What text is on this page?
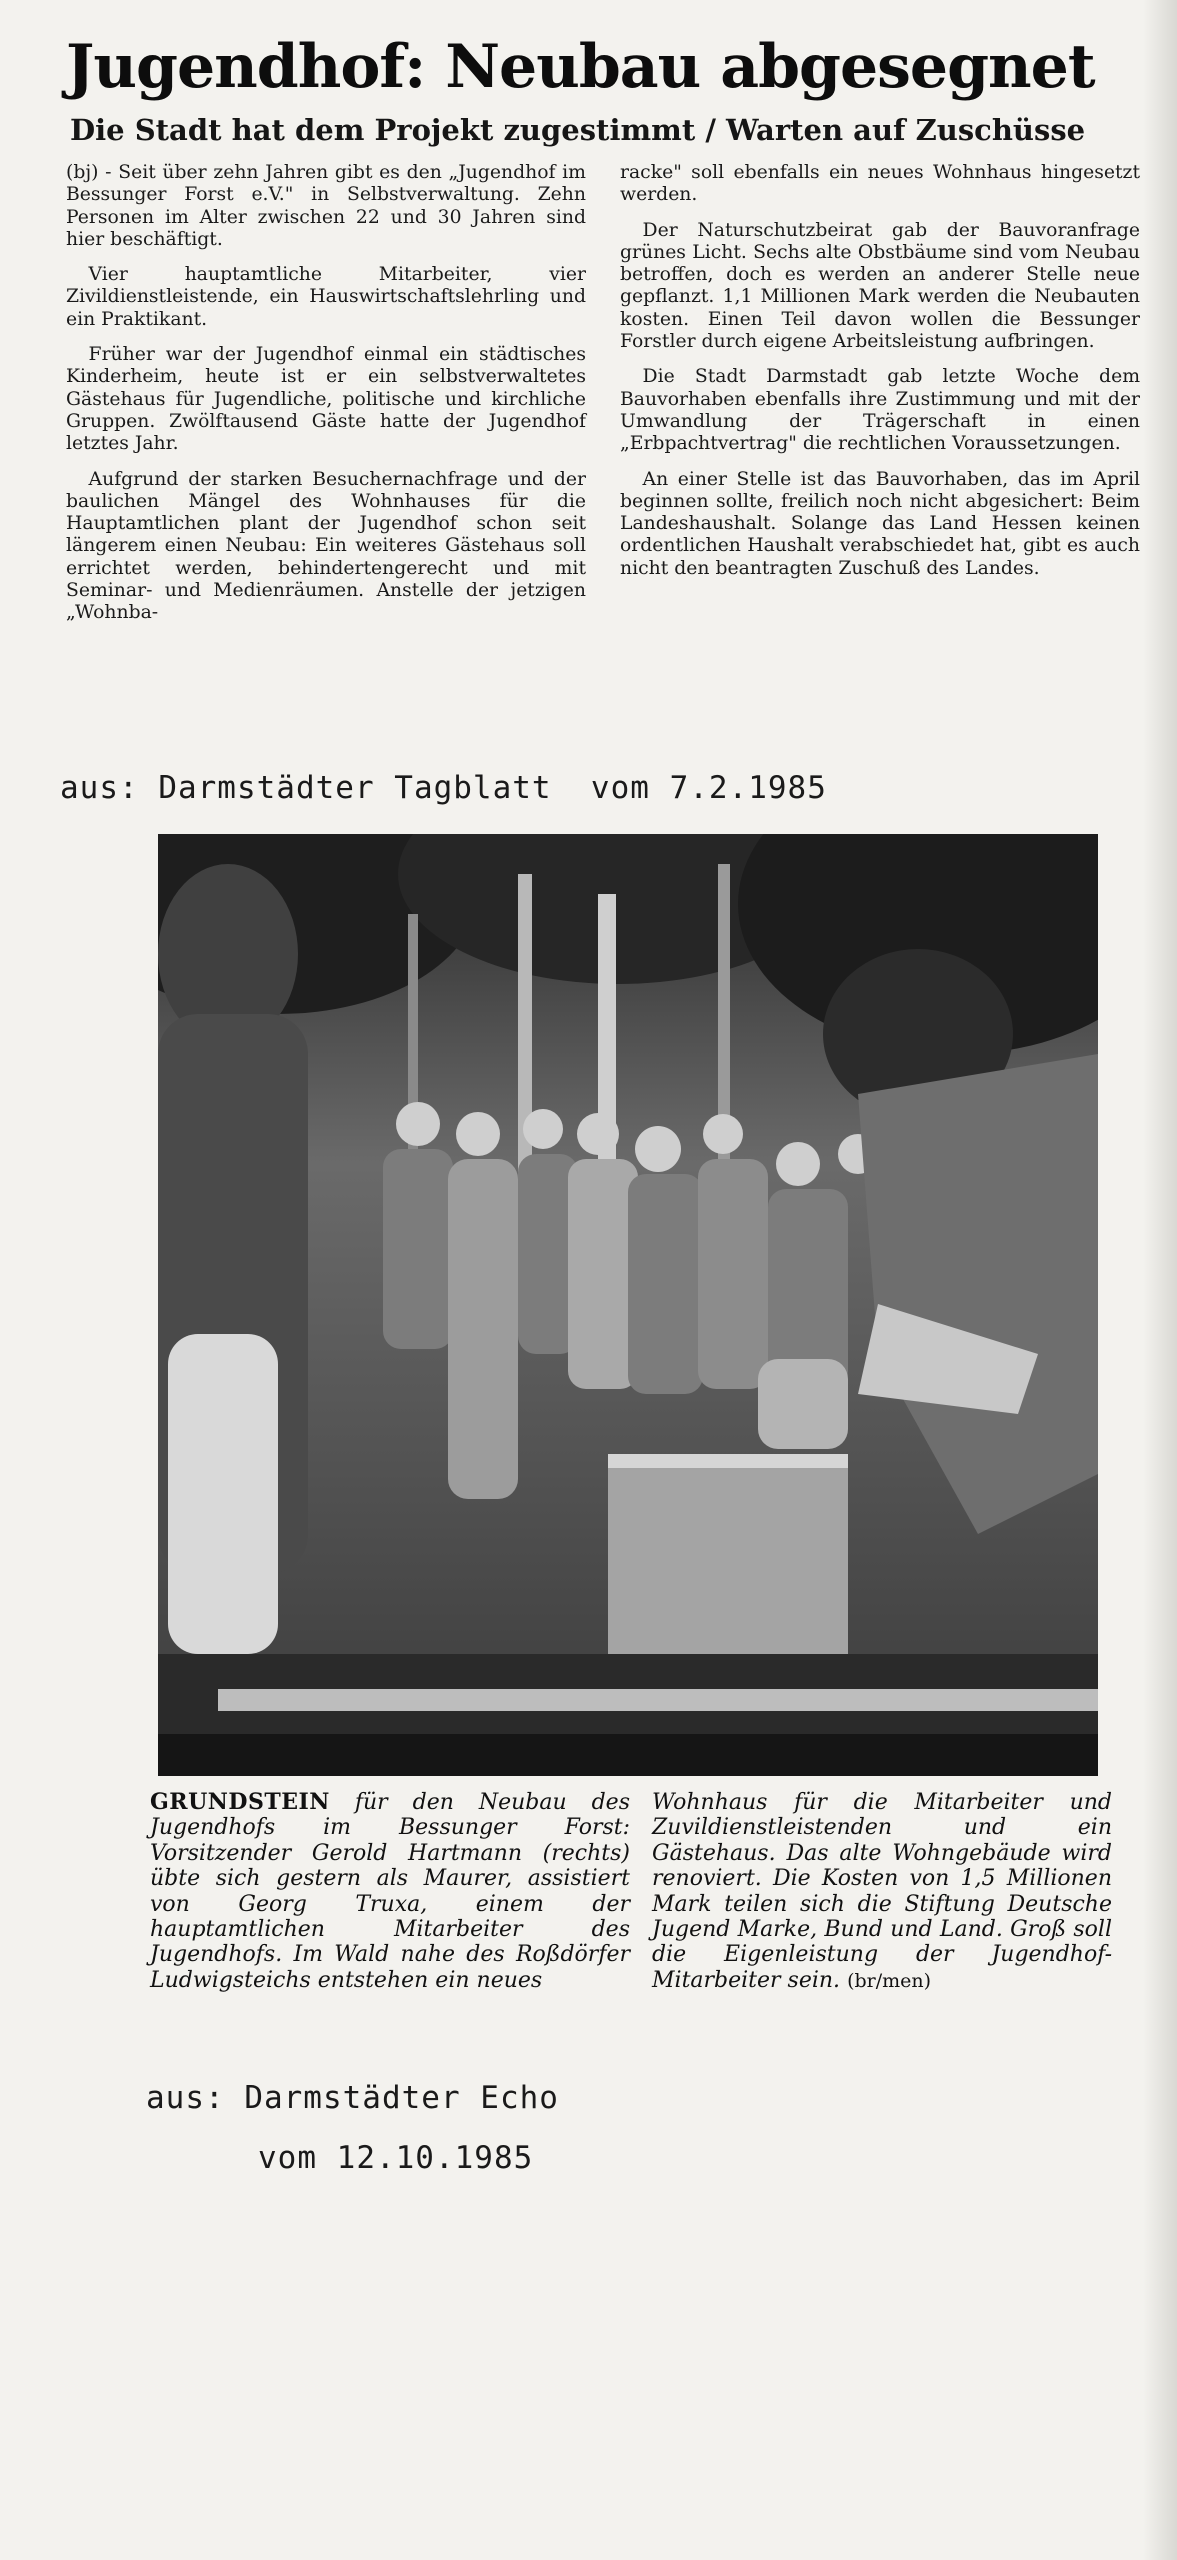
Jugendhof: Neubau abgesegnet
Die Stadt hat dem Projekt zugestimmt / Warten auf Zuschüsse

(bj) - Seit über zehn Jahren gibt es den „Jugendhof im Bessunger Forst e.V." in Selbstverwaltung. Zehn Personen im Alter zwischen 22 und 30 Jahren sind hier beschäftigt.

Vier hauptamtliche Mitarbeiter, vier Zivildienstleistende, ein Hauswirtschaftslehrling und ein Praktikant.

Früher war der Jugendhof einmal ein städtisches Kinderheim, heute ist er ein selbstverwaltetes Gästehaus für Jugendliche, politische und kirchliche Gruppen. Zwölftausend Gäste hatte der Jugendhof letztes Jahr.

Aufgrund der starken Besuchernachfrage und der baulichen Mängel des Wohnhauses für die Hauptamtlichen plant der Jugendhof schon seit längerem einen Neubau: Ein weiteres Gästehaus soll errichtet werden, behindertengerecht und mit Seminar- und Medienräumen. Anstelle der jetzigen „Wohnba-

racke" soll ebenfalls ein neues Wohnhaus hingesetzt werden.

Der Naturschutzbeirat gab der Bauvoranfrage grünes Licht. Sechs alte Obstbäume sind vom Neubau betroffen, doch es werden an anderer Stelle neue gepflanzt. 1,1 Millionen Mark werden die Neubauten kosten. Einen Teil davon wollen die Bessunger Forstler durch eigene Arbeitsleistung aufbringen.

Die Stadt Darmstadt gab letzte Woche dem Bauvorhaben ebenfalls ihre Zustimmung und mit der Umwandlung der Trägerschaft in einen „Erbpachtvertrag" die rechtlichen Voraussetzungen.

An einer Stelle ist das Bauvorhaben, das im April beginnen sollte, freilich noch nicht abgesichert: Beim Landeshaushalt. Solange das Land Hessen keinen ordentlichen Haushalt verabschiedet hat, gibt es auch nicht den beantragten Zuschuß des Landes.

aus: Darmstädter Tagblatt  vom 7.2.1985

GRUNDSTEIN für den Neubau des Jugendhofs im Bessunger Forst: Vorsitzender Gerold Hartmann (rechts) übte sich gestern als Maurer, assistiert von Georg Truxa, einem der hauptamtlichen Mitarbeiter des Jugendhofs. Im Wald nahe des Roßdörfer Ludwigsteichs entstehen ein neues

Wohnhaus für die Mitarbeiter und Zuvildienstleistenden und ein Gästehaus. Das alte Wohngebäude wird renoviert. Die Kosten von 1,5 Millionen Mark teilen sich die Stiftung Deutsche Jugend Marke, Bund und Land. Groß soll die Eigenleistung der Jugendhof-Mitarbeiter sein. (br/men)

aus: Darmstädter Echo
vom 12.10.1985
